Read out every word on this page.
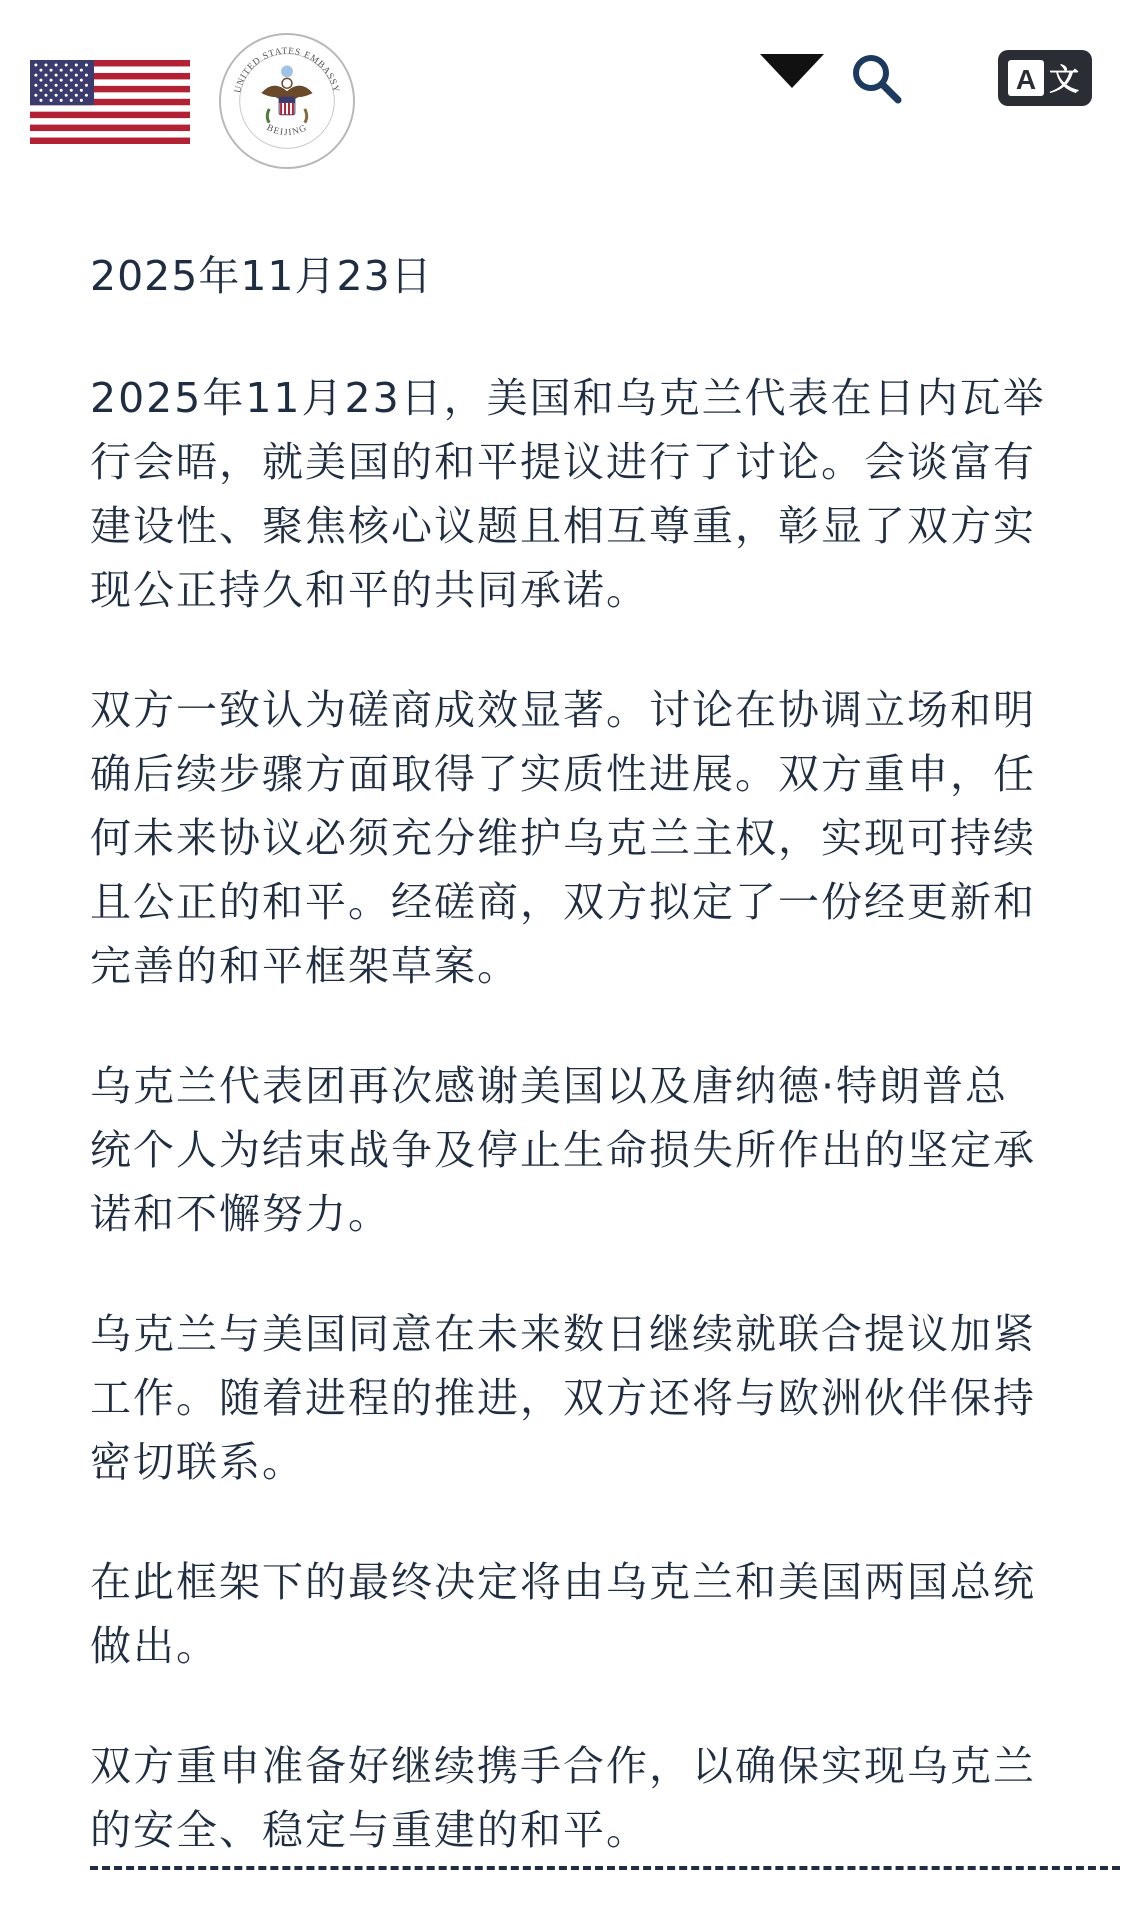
UNITED STATES EMBASSY
BEIJING
A 文
2025年11月23日

2025年11月23日，美国和乌克兰代表在日内瓦举行会晤，就美国的和平提议进行了讨论。会谈富有建设性、聚焦核心议题且相互尊重，彰显了双方实现公正持久和平的共同承诺。

双方一致认为磋商成效显著。讨论在协调立场和明确后续步骤方面取得了实质性进展。双方重申，任何未来协议必须充分维护乌克兰主权，实现可持续且公正的和平。经磋商，双方拟定了一份经更新和完善的和平框架草案。

乌克兰代表团再次感谢美国以及唐纳德·特朗普总统个人为结束战争及停止生命损失所作出的坚定承诺和不懈努力。

乌克兰与美国同意在未来数日继续就联合提议加紧工作。随着进程的推进，双方还将与欧洲伙伴保持密切联系。

在此框架下的最终决定将由乌克兰和美国两国总统做出。

双方重申准备好继续携手合作，以确保实现乌克兰的安全、稳定与重建的和平。
